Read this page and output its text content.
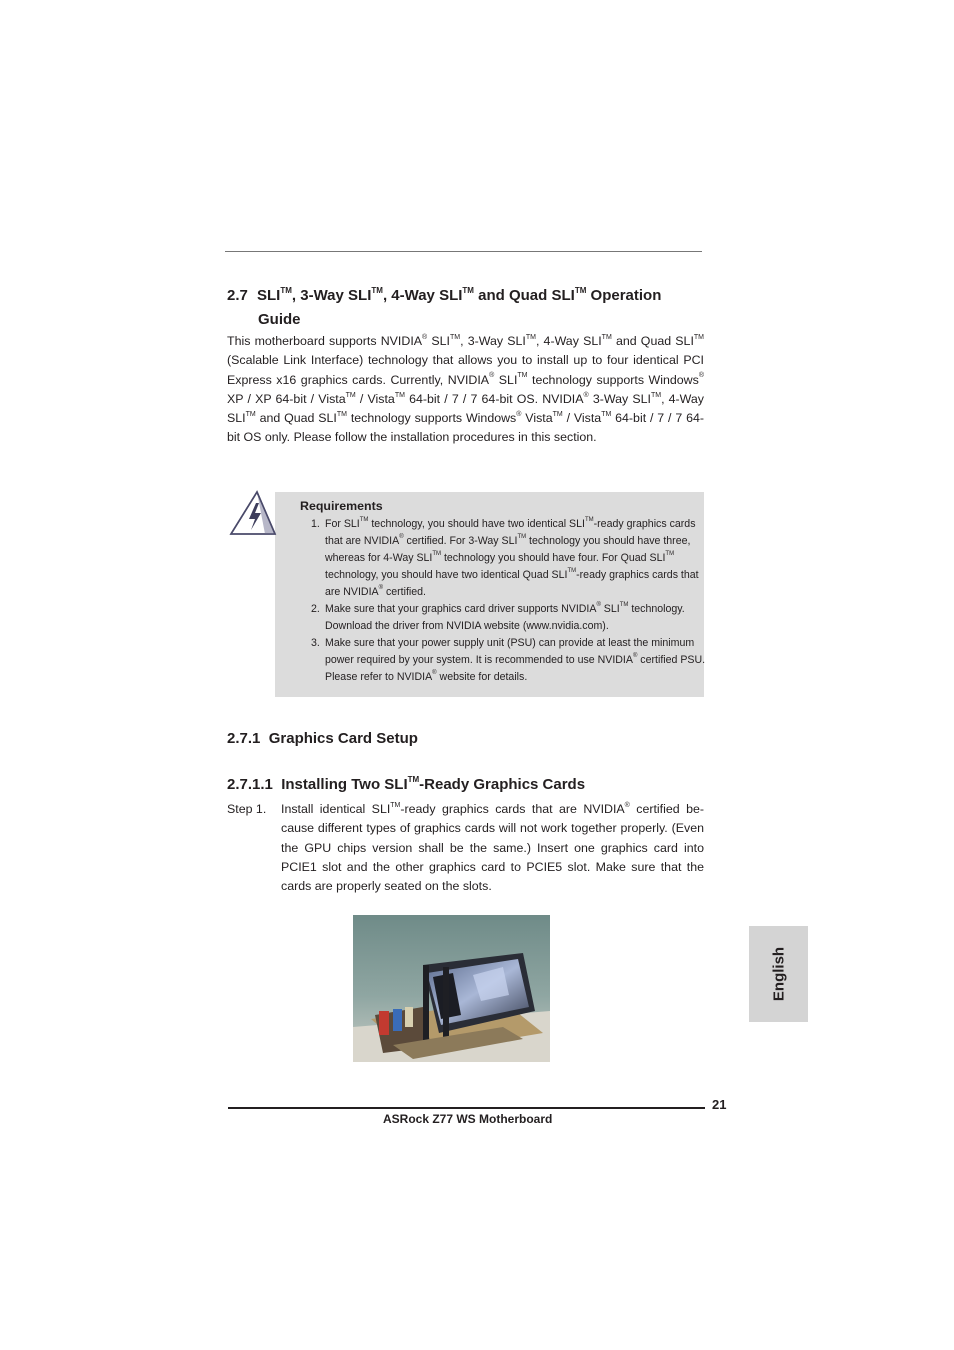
2.7 SLI™, 3-Way SLI™, 4-Way SLI™ and Quad SLI™ Operation
Guide
This motherboard supports NVIDIA® SLI™, 3-Way SLI™, 4-Way SLI™ and Quad SLI™ (Scalable Link Interface) technology that allows you to install up to four identical PCI Express x16 graphics cards. Currently, NVIDIA® SLI™ technology supports Windows® XP / XP 64-bit / Vista™ / Vista™ 64-bit / 7 / 7 64-bit OS. NVIDIA® 3-Way SLI™, 4-Way SLI™ and Quad SLI™ technology supports Windows® Vista™ / Vista™ 64-bit / 7 / 7 64-bit OS only. Please follow the installation procedures in this section.
Requirements
1. For SLI™ technology, you should have two identical SLI™-ready graphics cards that are NVIDIA® certified. For 3-Way SLI™ technology you should have three, whereas for 4-Way SLI™ technology you should have four. For Quad SLI™ technology, you should have two identical Quad SLI™-ready graphics cards that are NVIDIA® certified.
2. Make sure that your graphics card driver supports NVIDIA® SLI™ technology. Download the driver from NVIDIA website (www.nvidia.com).
3. Make sure that your power supply unit (PSU) can provide at least the minimum power required by your system. It is recommended to use NVIDIA® certified PSU. Please refer to NVIDIA® website for details.
2.7.1 Graphics Card Setup
2.7.1.1 Installing Two SLI™-Ready Graphics Cards
Step 1. Install identical SLI™-ready graphics cards that are NVIDIA® certified be-cause different types of graphics cards will not work together properly. (Even the GPU chips version shall be the same.) Insert one graphics card into PCIE1 slot and the other graphics card to PCIE5 slot. Make sure that the cards are properly seated on the slots.
English
21
ASRock Z77 WS Motherboard
